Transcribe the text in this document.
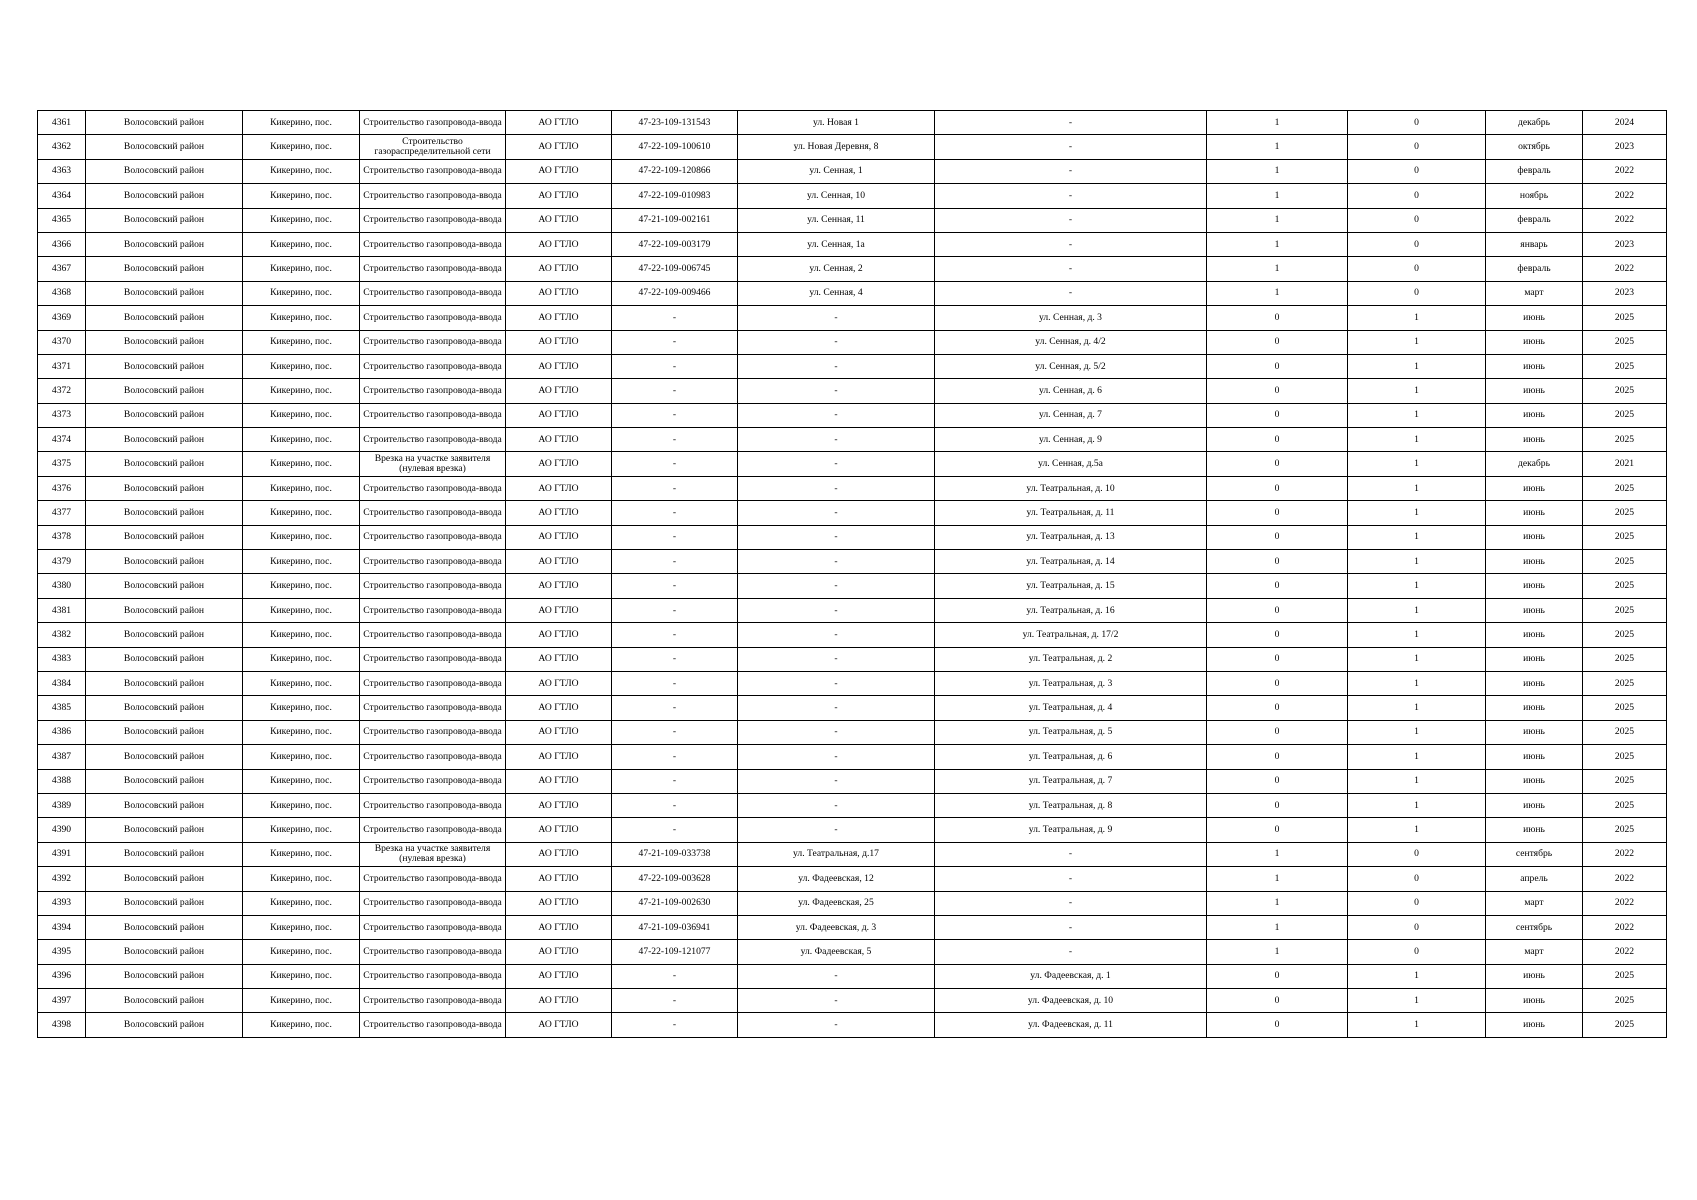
4361	Волосовский район	Кикерино, пос.	Строительство газопровода-ввода	АО ГТЛО	47-23-109-131543	ул. Новая 1	-	1	0	декабрь	2024
4362	Волосовский район	Кикерино, пос.	Строительство газораспределительной сети	АО ГТЛО	47-22-109-100610	ул. Новая Деревня, 8	-	1	0	октябрь	2023
4363	Волосовский район	Кикерино, пос.	Строительство газопровода-ввода	АО ГТЛО	47-22-109-120866	ул. Сенная, 1	-	1	0	февраль	2022
4364	Волосовский район	Кикерино, пос.	Строительство газопровода-ввода	АО ГТЛО	47-22-109-010983	ул. Сенная, 10	-	1	0	ноябрь	2022
4365	Волосовский район	Кикерино, пос.	Строительство газопровода-ввода	АО ГТЛО	47-21-109-002161	ул. Сенная, 11	-	1	0	февраль	2022
4366	Волосовский район	Кикерино, пос.	Строительство газопровода-ввода	АО ГТЛО	47-22-109-003179	ул. Сенная, 1а	-	1	0	январь	2023
4367	Волосовский район	Кикерино, пос.	Строительство газопровода-ввода	АО ГТЛО	47-22-109-006745	ул. Сенная, 2	-	1	0	февраль	2022
4368	Волосовский район	Кикерино, пос.	Строительство газопровода-ввода	АО ГТЛО	47-22-109-009466	ул. Сенная, 4	-	1	0	март	2023
4369	Волосовский район	Кикерино, пос.	Строительство газопровода-ввода	АО ГТЛО	-	-	ул. Сенная, д. 3	0	1	июнь	2025
4370	Волосовский район	Кикерино, пос.	Строительство газопровода-ввода	АО ГТЛО	-	-	ул. Сенная, д. 4/2	0	1	июнь	2025
4371	Волосовский район	Кикерино, пос.	Строительство газопровода-ввода	АО ГТЛО	-	-	ул. Сенная, д. 5/2	0	1	июнь	2025
4372	Волосовский район	Кикерино, пос.	Строительство газопровода-ввода	АО ГТЛО	-	-	ул. Сенная, д. 6	0	1	июнь	2025
4373	Волосовский район	Кикерино, пос.	Строительство газопровода-ввода	АО ГТЛО	-	-	ул. Сенная, д. 7	0	1	июнь	2025
4374	Волосовский район	Кикерино, пос.	Строительство газопровода-ввода	АО ГТЛО	-	-	ул. Сенная, д. 9	0	1	июнь	2025
4375	Волосовский район	Кикерино, пос.	Врезка на участке заявителя (нулевая врезка)	АО ГТЛО	-	-	ул. Сенная, д.5а	0	1	декабрь	2021
4376	Волосовский район	Кикерино, пос.	Строительство газопровода-ввода	АО ГТЛО	-	-	ул. Театральная, д. 10	0	1	июнь	2025
4377	Волосовский район	Кикерино, пос.	Строительство газопровода-ввода	АО ГТЛО	-	-	ул. Театральная, д. 11	0	1	июнь	2025
4378	Волосовский район	Кикерино, пос.	Строительство газопровода-ввода	АО ГТЛО	-	-	ул. Театральная, д. 13	0	1	июнь	2025
4379	Волосовский район	Кикерино, пос.	Строительство газопровода-ввода	АО ГТЛО	-	-	ул. Театральная, д. 14	0	1	июнь	2025
4380	Волосовский район	Кикерино, пос.	Строительство газопровода-ввода	АО ГТЛО	-	-	ул. Театральная, д. 15	0	1	июнь	2025
4381	Волосовский район	Кикерино, пос.	Строительство газопровода-ввода	АО ГТЛО	-	-	ул. Театральная, д. 16	0	1	июнь	2025
4382	Волосовский район	Кикерино, пос.	Строительство газопровода-ввода	АО ГТЛО	-	-	ул. Театральная, д. 17/2	0	1	июнь	2025
4383	Волосовский район	Кикерино, пос.	Строительство газопровода-ввода	АО ГТЛО	-	-	ул. Театральная, д. 2	0	1	июнь	2025
4384	Волосовский район	Кикерино, пос.	Строительство газопровода-ввода	АО ГТЛО	-	-	ул. Театральная, д. 3	0	1	июнь	2025
4385	Волосовский район	Кикерино, пос.	Строительство газопровода-ввода	АО ГТЛО	-	-	ул. Театральная, д. 4	0	1	июнь	2025
4386	Волосовский район	Кикерино, пос.	Строительство газопровода-ввода	АО ГТЛО	-	-	ул. Театральная, д. 5	0	1	июнь	2025
4387	Волосовский район	Кикерино, пос.	Строительство газопровода-ввода	АО ГТЛО	-	-	ул. Театральная, д. 6	0	1	июнь	2025
4388	Волосовский район	Кикерино, пос.	Строительство газопровода-ввода	АО ГТЛО	-	-	ул. Театральная, д. 7	0	1	июнь	2025
4389	Волосовский район	Кикерино, пос.	Строительство газопровода-ввода	АО ГТЛО	-	-	ул. Театральная, д. 8	0	1	июнь	2025
4390	Волосовский район	Кикерино, пос.	Строительство газопровода-ввода	АО ГТЛО	-	-	ул. Театральная, д. 9	0	1	июнь	2025
4391	Волосовский район	Кикерино, пос.	Врезка на участке заявителя (нулевая врезка)	АО ГТЛО	47-21-109-033738	ул. Театральная, д.17	-	1	0	сентябрь	2022
4392	Волосовский район	Кикерино, пос.	Строительство газопровода-ввода	АО ГТЛО	47-22-109-003628	ул. Фадеевская, 12	-	1	0	апрель	2022
4393	Волосовский район	Кикерино, пос.	Строительство газопровода-ввода	АО ГТЛО	47-21-109-002630	ул. Фадеевская, 25	-	1	0	март	2022
4394	Волосовский район	Кикерино, пос.	Строительство газопровода-ввода	АО ГТЛО	47-21-109-036941	ул. Фадеевская, д. 3	-	1	0	сентябрь	2022
4395	Волосовский район	Кикерино, пос.	Строительство газопровода-ввода	АО ГТЛО	47-22-109-121077	ул. Фадеевская, 5	-	1	0	март	2022
4396	Волосовский район	Кикерино, пос.	Строительство газопровода-ввода	АО ГТЛО	-	-	ул. Фадеевская, д. 1	0	1	июнь	2025
4397	Волосовский район	Кикерино, пос.	Строительство газопровода-ввода	АО ГТЛО	-	-	ул. Фадеевская, д. 10	0	1	июнь	2025
4398	Волосовский район	Кикерино, пос.	Строительство газопровода-ввода	АО ГТЛО	-	-	ул. Фадеевская, д. 11	0	1	июнь	2025
